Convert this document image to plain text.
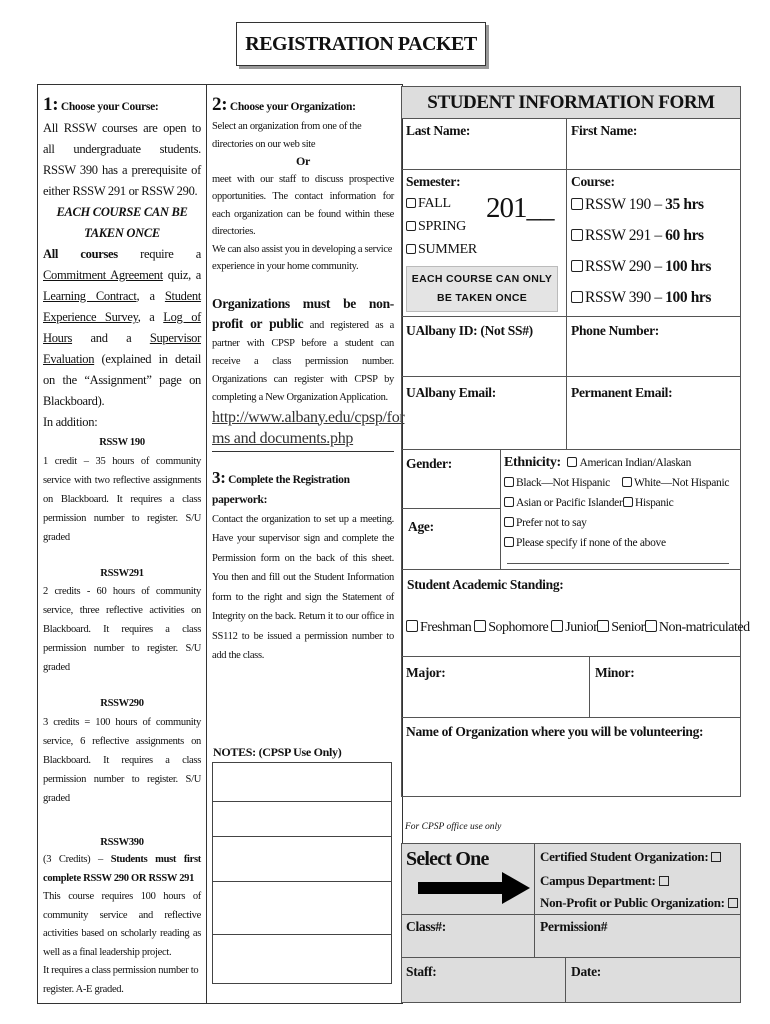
REGISTRATION PACKET

1: Choose your Course:

All RSSW courses are open to all undergraduate students. RSSW 390 has a prerequisite of either RSSW 291 or RSSW 290.

EACH COURSE CAN BE TAKEN ONCE

All courses require a Commitment Agreement quiz, a Learning Contract, a Student Experience Survey, a Log of Hours and a Supervisor Evaluation (explained in detail on the “Assignment” page on Blackboard).

In addition:

RSSW 190

1 credit – 35 hours of community service with two reflective assignments on Blackboard. It requires a class permission number to register. S/U graded

RSSW291

2 credits - 60 hours of community service, three reflective activities on Blackboard. It requires a class permission number to register. S/U graded

RSSW290

3 credits = 100 hours of community service, 6 reflective assignments on Blackboard. It requires a class permission number to register. S/U graded

RSSW390

(3 Credits) – Students must first complete RSSW 290 OR RSSW 291

This course requires 100 hours of community service and reflective activities based on scholarly reading as well as a final leadership project.

It requires a class permission number to register. A-E graded.

2: Choose your Organization:

Select an organization from one of the directories on our web site

Or

meet with our staff to discuss prospective opportunities. The contact information for each organization can be found within these directories.

We can also assist you in developing a service experience in your home community.

Organizations must be non-profit or public and registered as a partner with CPSP before a student can receive a class permission number. Organizations can register with CPSP by completing a New Organization Application.

http://www.albany.edu/cpsp/for
ms and documents.php

3: Complete the Registration paperwork:

Contact the organization to set up a meeting. Have your supervisor sign and complete the Permission form on the back of this sheet. You then and fill out the Student Information form to the right and sign the Statement of Integrity on the back. Return it to our office in SS112 to be issued a permission number to add the class.

NOTES: (CPSP Use Only)
STUDENT INFORMATION FORM
Last Name:	First Name:
Semester:
FALL
SPRING
SUMMER
201__
EACH COURSE CAN ONLY
BE TAKEN ONCE
Course:
RSSW 190 – 35 hrs
RSSW 291 – 60 hrs
RSSW 290 – 100 hrs
RSSW 390 – 100 hrs
UAlbany ID: (Not SS#)	Phone Number:
UAlbany Email:	Permanent Email:
Gender:
Age:
Ethnicity: American Indian/Alaskan
Black—Not Hispanic	White—Not Hispanic
Asian or Pacific Islander	Hispanic
Prefer not to say
Please specify if none of the above
Student Academic Standing:
Freshman Sophomore Junior Senior Non-matriculated
Major:	Minor:
Name of Organization where you will be volunteering:
For CPSP office use only
Select One	Certified Student Organization:
Campus Department:
Non-Profit or Public Organization:
Class#:	Permission#
Staff:	Date:
